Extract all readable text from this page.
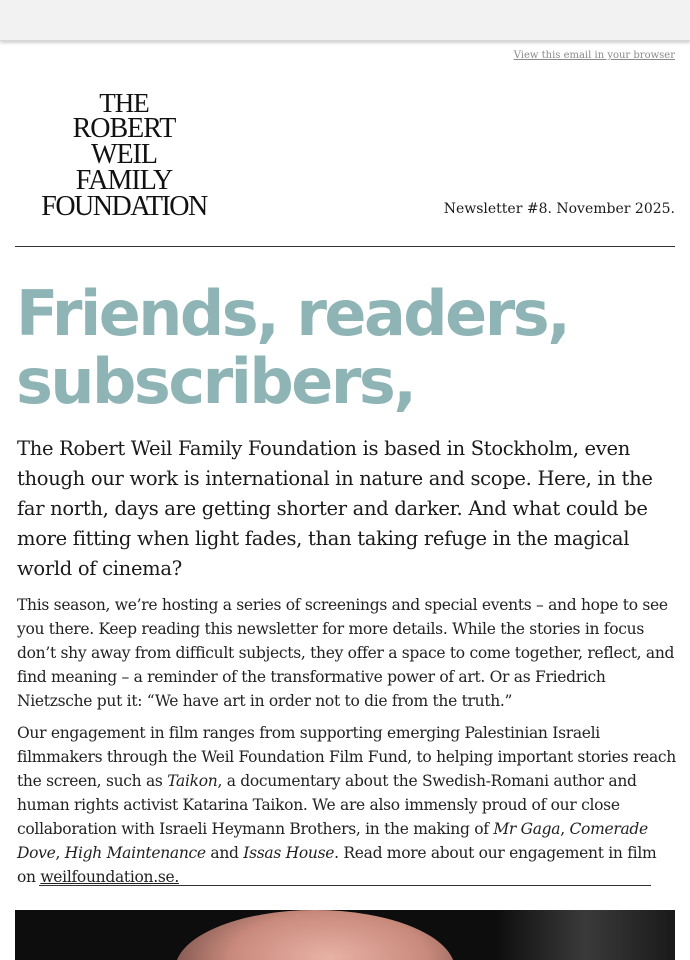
View this email in your browser
THE
ROBERT
WEIL
FAMILY
FOUNDATION	Newsletter #8. November 2025.
Friends, readers, subscribers,

The Robert Weil Family Foundation is based in Stockholm, even though our work is international in nature and scope. Here, in the far north, days are getting shorter and darker. And what could be more fitting when light fades, than taking refuge in the magical world of cinema?

This season, we’re hosting a series of screenings and special events – and hope to see you there. Keep reading this newsletter for more details. While the stories in focus don’t shy away from difficult subjects, they offer a space to come together, reflect, and find meaning – a reminder of the transformative power of art. Or as Friedrich Nietzsche put it: “We have art in order not to die from the truth.”

Our engagement in film ranges from supporting emerging Palestinian Israeli filmmakers through the Weil Foundation Film Fund, to helping important stories reach the screen, such as Taikon, a documentary about the Swedish-Romani author and human rights activist Katarina Taikon. We are also immensly proud of our close collaboration with Israeli Heymann Brothers, in the making of Mr Gaga, Comerade Dove, High Maintenance and Issas House. Read more about our engagement in film on weilfoundation.se.
